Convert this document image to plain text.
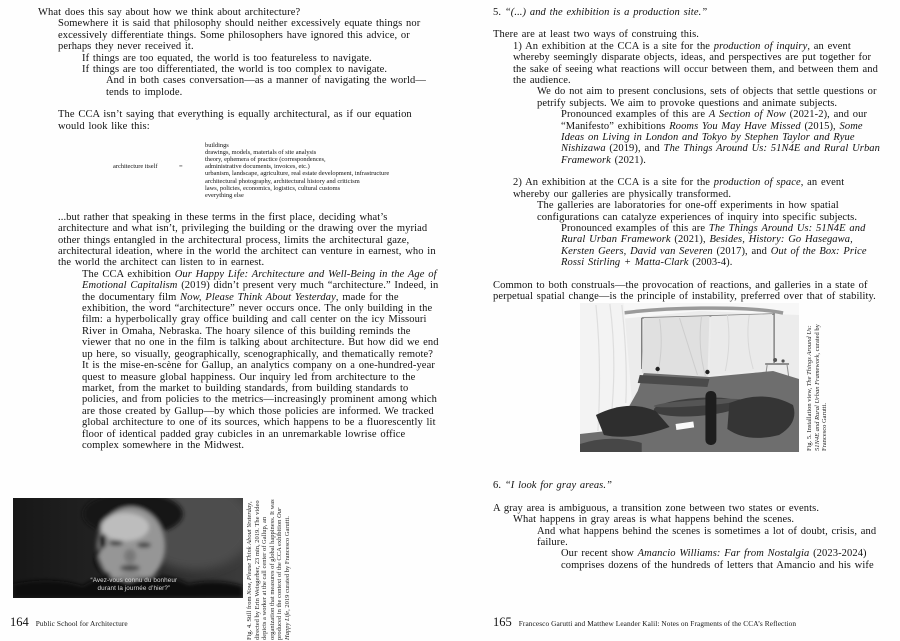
What does this say about how we think about architecture?

Somewhere it is said that philosophy should neither excessively equate things nor excessively differentiate things. Some philosophers have ignored this advice, or perhaps they never received it.

If things are too equated, the world is too featureless to navigate.

If things are too differentiated, the world is too complex to navigate.

And in both cases conversation—as a manner of navigating the world—tends to implode.

The CCA isn’t saying that everything is equally architectural, as if our equation would look like this:

architecture itself	=
buildings
drawings, models, materials of site analysis
theory, ephemera of practice (correspondences,
administrative documents, invoices, etc.)
urbanism, landscape, agriculture, real estate development, infrastructure
architectural photography, architectural history and criticism
laws, policies, economics, logistics, cultural customs
everything else

...but rather that speaking in these terms in the first place, deciding what’s architecture and what isn’t, privileging the building or the drawing over the myriad other things entangled in the architectural process, limits the architectural gaze, architectural ideation, where in the world the architect can venture in earnest, who in the world the architect can listen to in earnest.

The CCA exhibition Our Happy Life: Architecture and Well-Being in the Age of Emotional Capitalism (2019) didn’t present very much “architecture.” Indeed, in the documentary film Now, Please Think About Yesterday, made for the exhibition, the word “architecture” never occurs once. The only building in the film: a hyperbolically gray office building and call center on the icy Missouri River in Omaha, Nebraska. The hoary silence of this building reminds the viewer that no one in the film is talking about architecture. But how did we end up here, so visually, geographically, scenographically, and thematically remote? It is the mise-en-scène for Gallup, an analytics company on a one-hundred-year quest to measure global happiness. Our inquiry led from architecture to the market, from the market to building standards, from building standards to policies, and from policies to the metrics—increasingly prominent among which are those created by Gallup—by which those policies are informed. We tracked global architecture to one of its sources, which happens to be a fluorescently lit floor of identical padded gray cubicles in an unremarkable lowrise office complex somewhere in the Midwest.

“Avez-vous connu du bonheur
durant la journée d’hier?”
Fig. 4. Still from Now, Please Think About Yesterday, directed by Erin Weisgerber, 23 min, 2019. The video depicts a worker at the call center of Gallup, an organization that measures of global happiness. It was produced in the context of the CCA exhibition Our Happy Life, 2019 curated by Francesco Garutti.
164 Public School for Architecture

5. “(...) and the exhibition is a production site.”

There are at least two ways of construing this.

1) An exhibition at the CCA is a site for the production of inquiry, an event whereby seemingly disparate objects, ideas, and perspectives are put together for the sake of seeing what reactions will occur between them, and between them and the audience.

We do not aim to present conclusions, sets of objects that settle questions or petrify subjects. We aim to provoke questions and animate subjects.

Pronounced examples of this are A Section of Now (2021-2), and our “Manifesto” exhibitions Rooms You May Have Missed (2015), Some Ideas on Living in London and Tokyo by Stephen Taylor and Ryue Nishizawa (2019), and The Things Around Us: 51N4E and Rural Urban Framework (2021).

2) An exhibition at the CCA is a site for the production of space, an event whereby our galleries are physically transformed.

The galleries are laboratories for one-off experiments in how spatial configurations can catalyze experiences of inquiry into specific subjects.

Pronounced examples of this are The Things Around Us: 51N4E and Rural Urban Framework (2021), Besides, History: Go Hasegawa, Kersten Geers, David van Severen (2017), and Out of the Box: Price Rossi Stirling + Matta-Clark (2003-4).

Common to both construals—the provocation of reactions, and galleries in a state of perpetual spatial change—is the principle of instability, preferred over that of stability.

6. “I look for gray areas.”

A gray area is ambiguous, a transition zone between two states or events.

What happens in gray areas is what happens behind the scenes.

And what happens behind the scenes is sometimes a lot of doubt, crisis, and failure.

Our recent show Amancio Williams: Far from Nostalgia (2023-2024) comprises dozens of the hundreds of letters that Amancio and his wife

Fig. 5. Installation view, The Things Around Us: 51N4E and Rural Urban Framework, curated by Francesco Garutti.
165 Francesco Garutti and Matthew Leander Kalil: Notes on Fragments of the CCA’s Reflection
